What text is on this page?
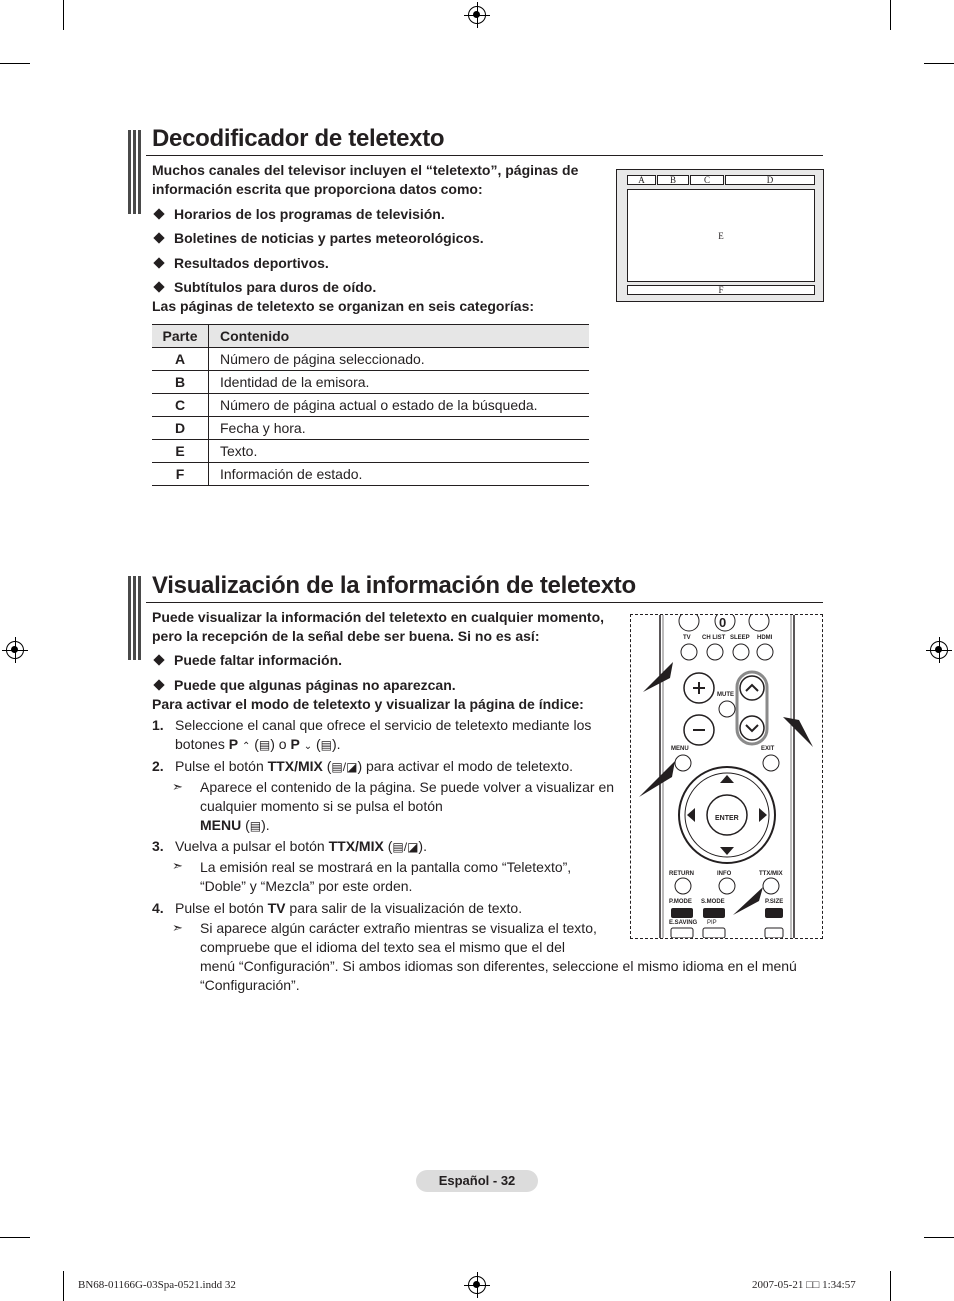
Decodificador de teletexto
Muchos canales del televisor incluyen el “teletexto”, páginas de
información escrita que proporciona datos como:
Horarios de los programas de televisión.
Boletines de noticias y partes meteorológicos.
Resultados deportivos.
Subtítulos para duros de oído.
Las páginas de teletexto se organizan en seis categorías:
A	B	C	D
E
F
Parte	Contenido
A	Número de página seleccionado.
B	Identidad de la emisora.
C	Número de página actual o estado de la búsqueda.
D	Fecha y hora.
E	Texto.
F	Información de estado.
Visualización de la información de teletexto
Puede visualizar la información del teletexto en cualquier momento,
pero la recepción de la señal debe ser buena. Si no es así:
Puede faltar información.
Puede que algunas páginas no aparezcan.
Para activar el modo de teletexto y visualizar la página de índice:
1. Seleccione el canal que ofrece el servicio de teletexto mediante los
botones P ⌃ (▤) o P ⌄ (▤).
2. Pulse el botón TTX/MIX (▤/◪) para activar el modo de teletexto.
➣ Aparece el contenido de la página. Se puede volver a visualizar en
cualquier momento si se pulsa el botón
MENU (▤).
3. Vuelva a pulsar el botón TTX/MIX (▤/◪).
➣ La emisión real se mostrará en la pantalla como “Teletexto”,
“Doble” y “Mezcla” por este orden.
4. Pulse el botón TV para salir de la visualización de texto.
➣ Si aparece algún carácter extraño mientras se visualiza el texto,
compruebe que el idioma del texto sea el mismo que el del
menú “Configuración”. Si ambos idiomas son diferentes, seleccione el mismo idioma en el menú
“Configuración”.
0
TV CH LIST SLEEP HDMI
MUTE
MENU	EXIT
ENTER
RETURN	INFO	TTX/MIX
P.MODE S.MODE	P.SIZE
E.SAVING PIP
Español - 32
BN68-01166G-03Spa-0521.indd 32	2007-05-21 □□ 1:34:57
